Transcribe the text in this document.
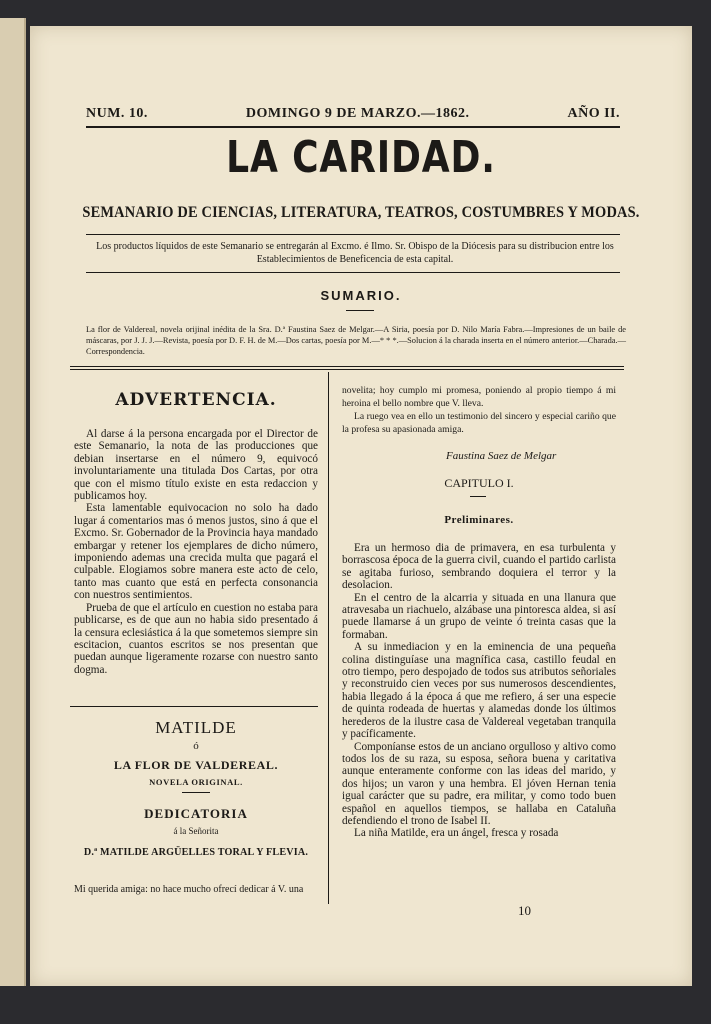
NUM. 10.	DOMINGO 9 DE MARZO.—1862.	AÑO II.
LA CARIDAD.
SEMANARIO DE CIENCIAS, LITERATURA, TEATROS, COSTUMBRES Y MODAS.
Los productos líquidos de este Semanario se entregarán al Excmo. é Ilmo. Sr. Obispo de la Diócesis para su distribucion entre los Establecimientos de Beneficencia de esta capital.
SUMARIO.
La flor de Valdereal, novela orijinal inédita de la Sra. D.ª Faustina Saez de Melgar.—A Siria, poesía por D. Nilo María Fabra.—Impresiones de un baile de máscaras, por J. J. J.—Revista, poesía por D. F. H. de M.—Dos cartas, poesía por M.—* * *.—Solucion á la charada inserta en el número anterior.—Charada.—Correspondencia.
ADVERTENCIA.

Al darse á la persona encargada por el Director de este Semanario, la nota de las producciones que debian insertarse en el número 9, equivocó involuntariamente una titulada Dos Cartas, por otra que con el mismo título existe en esta redaccion y publicamos hoy.

Esta lamentable equivocacion no solo ha dado lugar á comentarios mas ó menos justos, sino á que el Excmo. Sr. Gobernador de la Provincia haya mandado embargar y retener los ejemplares de dicho número, imponiendo ademas una crecida multa que pagará el culpable. Elogiamos sobre manera este acto de celo, tanto mas cuanto que está en perfecta consonancia con nuestros sentimientos.

Prueba de que el artículo en cuestion no estaba para publicarse, es de que aun no habia sido presentado á la censura eclesiástica á la que sometemos siempre sin escitacion, cuantos escritos se nos presentan que puedan aunque ligeramente rozarse con nuestro santo dogma.

MATILDE
ó
LA FLOR DE VALDEREAL.
NOVELA ORIGINAL.
DEDICATORIA
á la Señorita
D.ª MATILDE ARGÜELLES TORAL Y FLEVIA.
Mi querida amiga: no hace mucho ofrecí dedicar á V. una

novelita; hoy cumplo mi promesa, poniendo al propio tiempo á mi heroina el bello nombre que V. lleva.

La ruego vea en ello un testimonio del sincero y especial cariño que la profesa su apasionada amiga.

Faustina Saez de Melgar
CAPITULO I.
Preliminares.

Era un hermoso dia de primavera, en esa turbulenta y borrascosa época de la guerra civil, cuando el partido carlista se agitaba furioso, sembrando doquiera el terror y la desolacion.

En el centro de la alcarria y situada en una llanura que atravesaba un riachuelo, alzábase una pintoresca aldea, si así puede llamarse á un grupo de veinte ó treinta casas que la formaban.

A su inmediacion y en la eminencia de una pequeña colina distinguíase una magnífica casa, castillo feudal en otro tiempo, pero despojado de todos sus atributos señoriales y reconstruido cien veces por sus numerosos descendientes, habia llegado á la época á que me refiero, á ser una especie de quinta rodeada de huertas y alamedas donde los últimos herederos de la ilustre casa de Valdereal vegetaban tranquila y pacíficamente.

Componíanse estos de un anciano orgulloso y altivo como todos los de su raza, su esposa, señora buena y caritativa aunque enteramente conforme con las ideas del marido, y dos hijos; un varon y una hembra. El jóven Hernan tenia igual carácter que su padre, era militar, y como todo buen español en aquellos tiempos, se hallaba en Cataluña defendiendo el trono de Isabel II.

La niña Matilde, era un ángel, fresca y rosada

10
